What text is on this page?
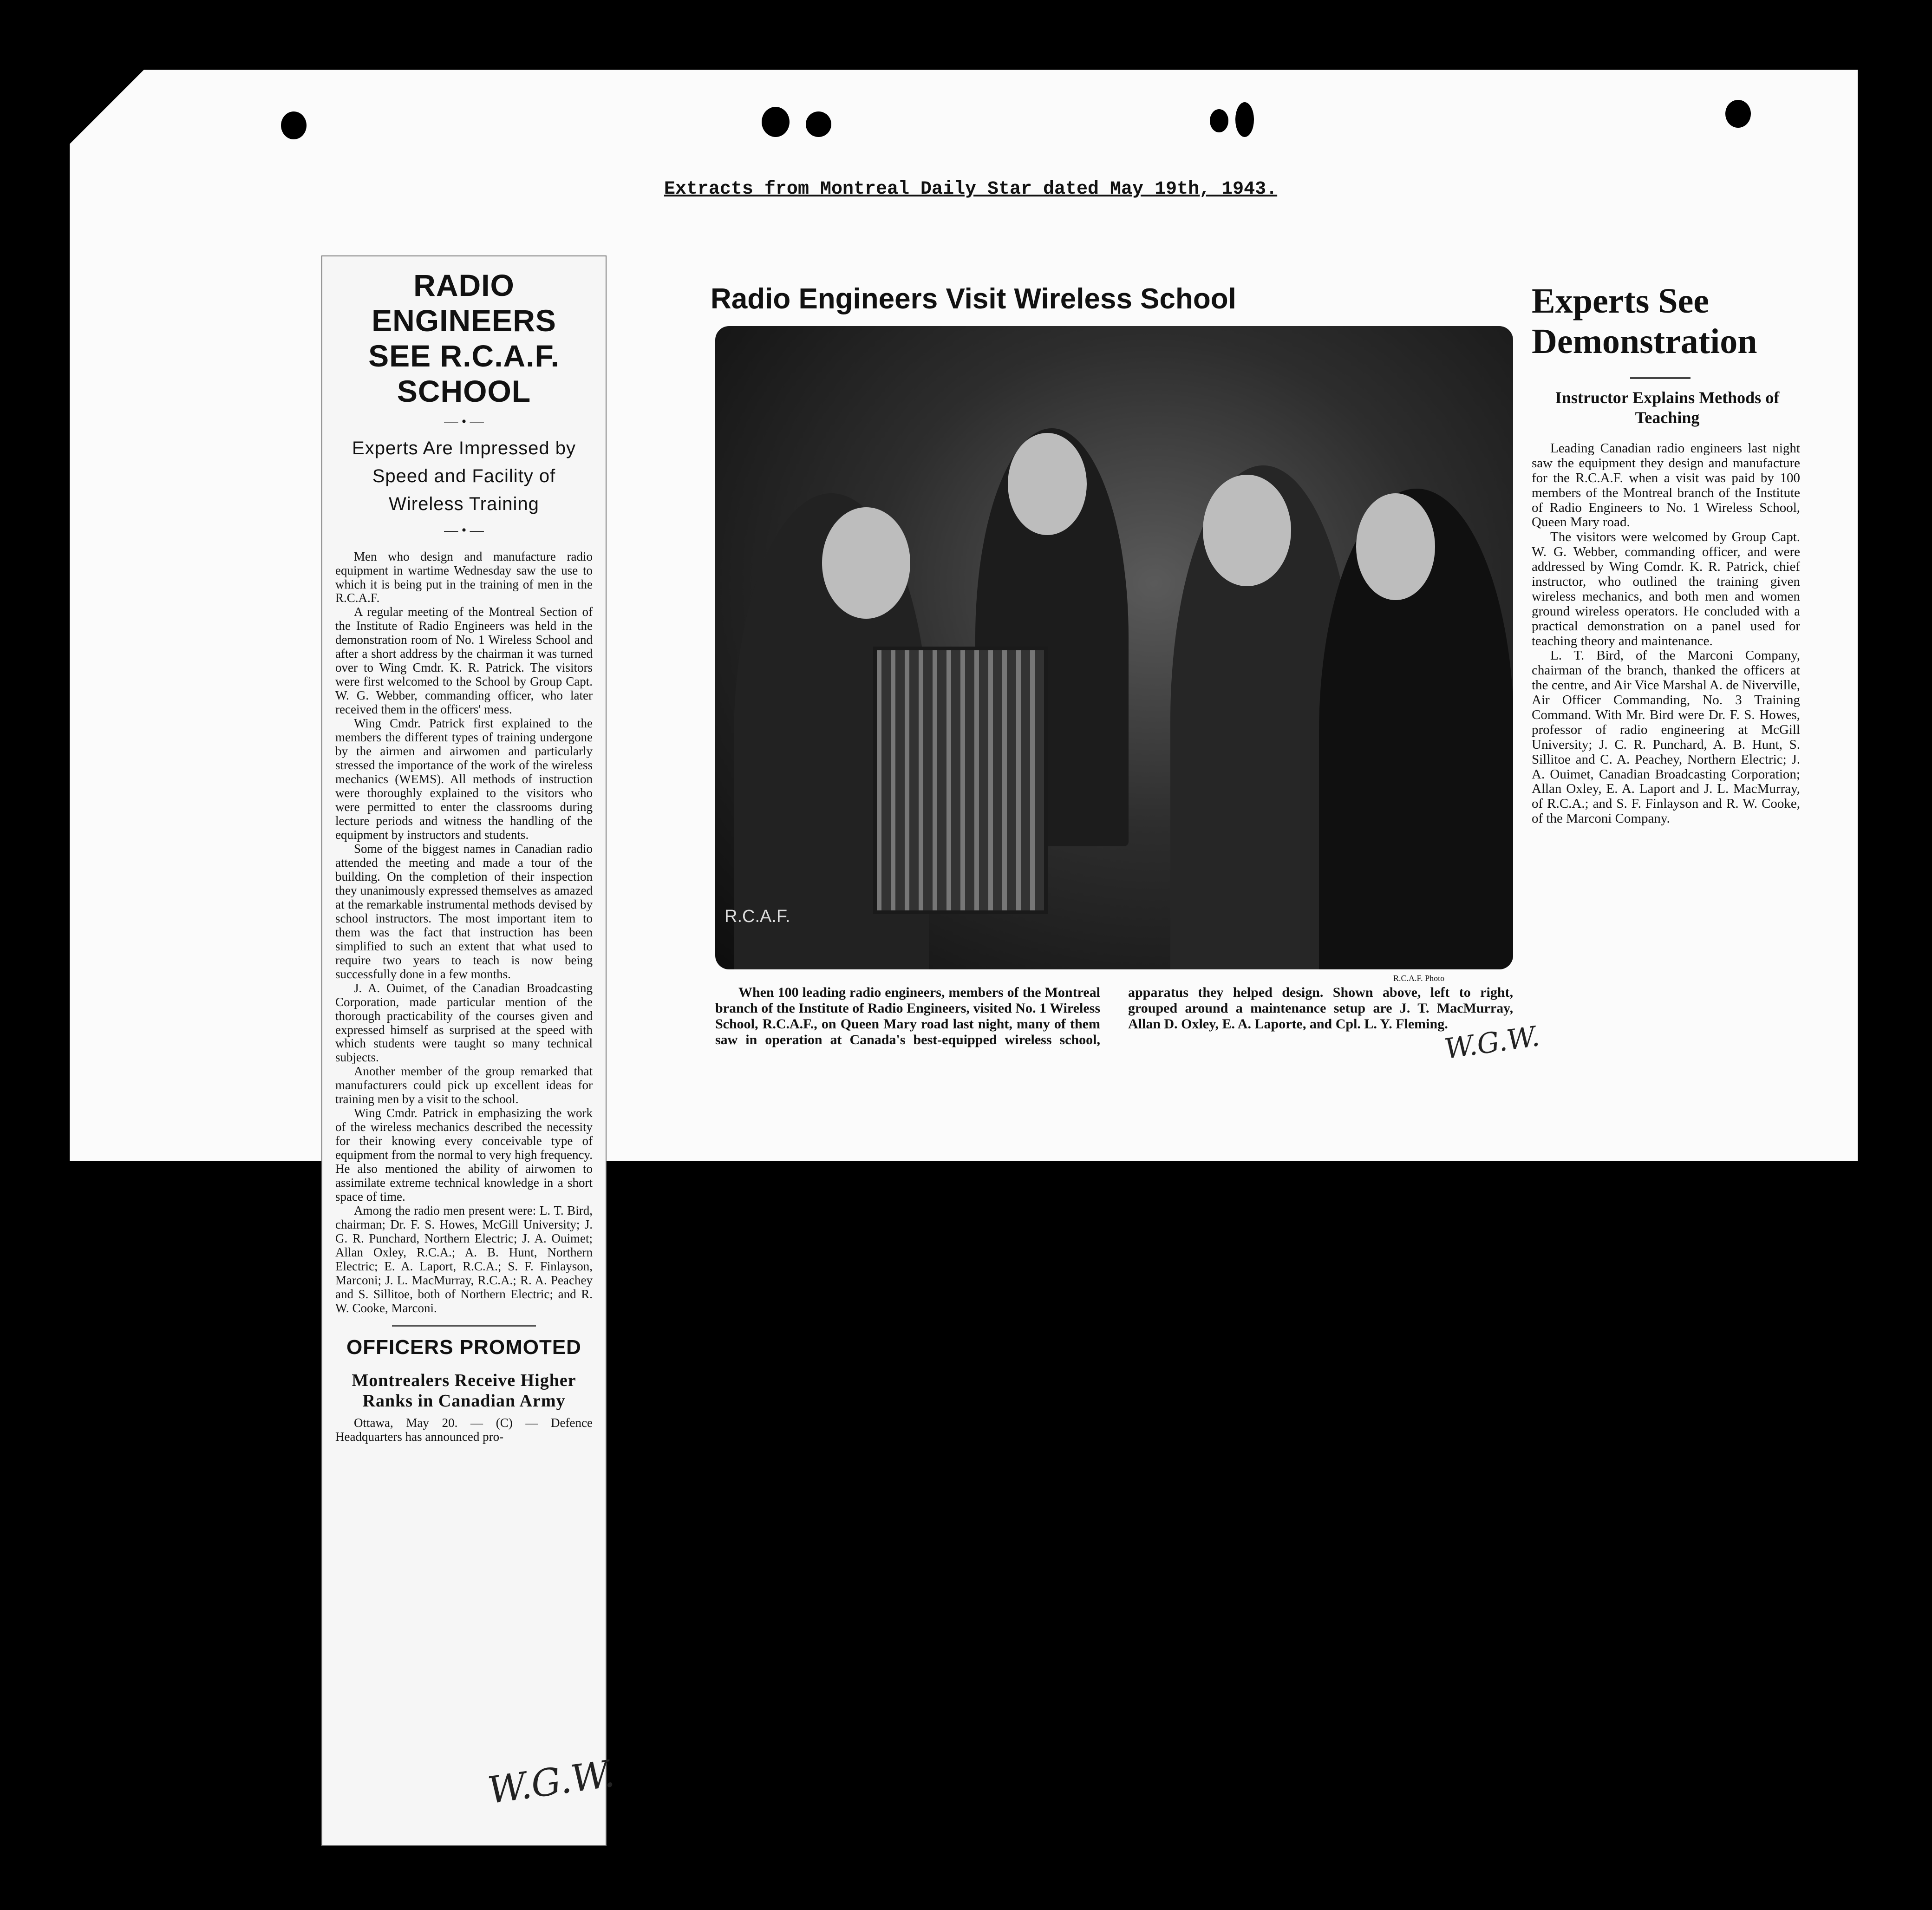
Extracts from Montreal Daily Star dated May 19th, 1943.
RADIO ENGINEERS
SEE R.C.A.F. SCHOOL
— • —
Experts Are Impressed by Speed and Facility of Wireless Training
— • —

Men who design and manufacture radio equipment in wartime Wednesday saw the use to which it is being put in the training of men in the R.C.A.F.

A regular meeting of the Montreal Section of the Institute of Radio Engineers was held in the demonstration room of No. 1 Wireless School and after a short address by the chairman it was turned over to Wing Cmdr. K. R. Patrick. The visitors were first welcomed to the School by Group Capt. W. G. Webber, commanding officer, who later received them in the officers' mess.

Wing Cmdr. Patrick first explained to the members the different types of training undergone by the airmen and airwomen and particularly stressed the importance of the work of the wireless mechanics (WEMS). All methods of instruction were thoroughly explained to the visitors who were permitted to enter the classrooms during lecture periods and witness the handling of the equipment by instructors and students.

Some of the biggest names in Canadian radio attended the meeting and made a tour of the building. On the completion of their inspection they unanimously expressed themselves as amazed at the remarkable instrumental methods devised by school instructors. The most important item to them was the fact that instruction has been simplified to such an extent that what used to require two years to teach is now being successfully done in a few months.

J. A. Ouimet, of the Canadian Broadcasting Corporation, made particular mention of the thorough practicability of the courses given and expressed himself as surprised at the speed with which students were taught so many technical subjects.

Another member of the group remarked that manufacturers could pick up excellent ideas for training men by a visit to the school.

Wing Cmdr. Patrick in emphasizing the work of the wireless mechanics described the necessity for their knowing every conceivable type of equipment from the normal to very high frequency. He also mentioned the ability of airwomen to assimilate extreme technical knowledge in a short space of time.

Among the radio men present were: L. T. Bird, chairman; Dr. F. S. Howes, McGill University; J. G. R. Punchard, Northern Electric; J. A. Ouimet; Allan Oxley, R.C.A.; A. B. Hunt, Northern Electric; E. A. Laport, R.C.A.; S. F. Finlayson, Marconi; J. L. MacMurray, R.C.A.; R. A. Peachey and S. Sillitoe, both of Northern Electric; and R. W. Cooke, Marconi.

OFFICERS PROMOTED
Montrealers Receive Higher Ranks in Canadian Army

Ottawa, May 20. — (C) — Defence Headquarters has announced pro-

W.G.W.
Radio Engineers Visit Wireless School
R.C.A.F.
R.C.A.F. Photo

When 100 leading radio engineers, members of the Montreal branch of the Institute of Radio Engineers, visited No. 1 Wireless School, R.C.A.F., on Queen Mary road last night, many of them saw in operation at Canada's best-equipped wireless school, apparatus they helped design. Shown above, left to right, grouped around a maintenance setup are J. T. MacMurray, Allan D. Oxley, E. A. Laporte, and Cpl. L. Y. Fleming.

W.G.W.
Experts See Demonstration
Instructor Explains Methods of Teaching

Leading Canadian radio engineers last night saw the equipment they design and manufacture for the R.C.A.F. when a visit was paid by 100 members of the Montreal branch of the Institute of Radio Engineers to No. 1 Wireless School, Queen Mary road.

The visitors were welcomed by Group Capt. W. G. Webber, commanding officer, and were addressed by Wing Comdr. K. R. Patrick, chief instructor, who outlined the training given wireless mechanics, and both men and women ground wireless operators. He concluded with a practical demonstration on a panel used for teaching theory and maintenance.

L. T. Bird, of the Marconi Company, chairman of the branch, thanked the officers at the centre, and Air Vice Marshal A. de Niverville, Air Officer Commanding, No. 3 Training Command. With Mr. Bird were Dr. F. S. Howes, professor of radio engineering at McGill University; J. C. R. Punchard, A. B. Hunt, S. Sillitoe and C. A. Peachey, Northern Electric; J. A. Ouimet, Canadian Broadcasting Corporation; Allan Oxley, E. A. Laport and J. L. MacMurray, of R.C.A.; and S. F. Finlayson and R. W. Cooke, of the Marconi Company.
